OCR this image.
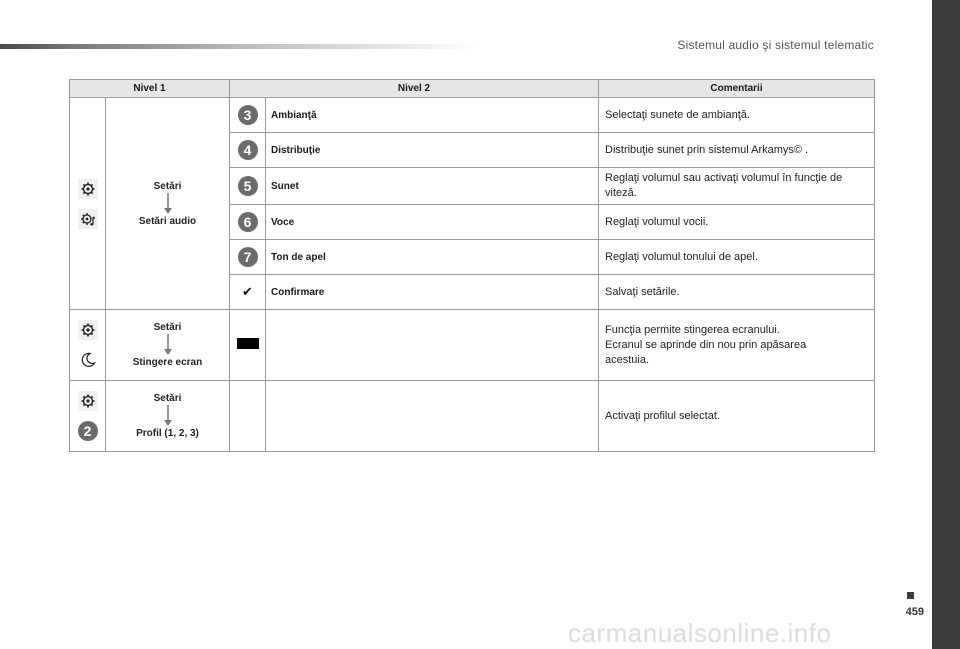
Sistemul audio şi sistemul telematic
459
carmanualsonline.info
Nivel 1		Nivel 2		Comentarii

Setări
Setări audio	3	Ambianţă	Selectaţi sunete de ambianţă.
		4	Distribuţie	Distribuţie sunet prin sistemul Arkamys© .
		5	Sunet	Reglaţi volumul sau activaţi volumul în funcţie de viteză.
		6	Voce	Reglaţi volumul vocii.
		7	Ton de apel	Reglaţi volumul tonului de apel.
		✔	Confirmare	Salvaţi setările.

Setări
Stingere ecran			Funcţia permite stingerea ecranului.
Ecranul se aprinde din nou prin apăsarea
acestuia.

2	Setări
Profil (1, 2, 3)			Activaţi profilul selectat.
